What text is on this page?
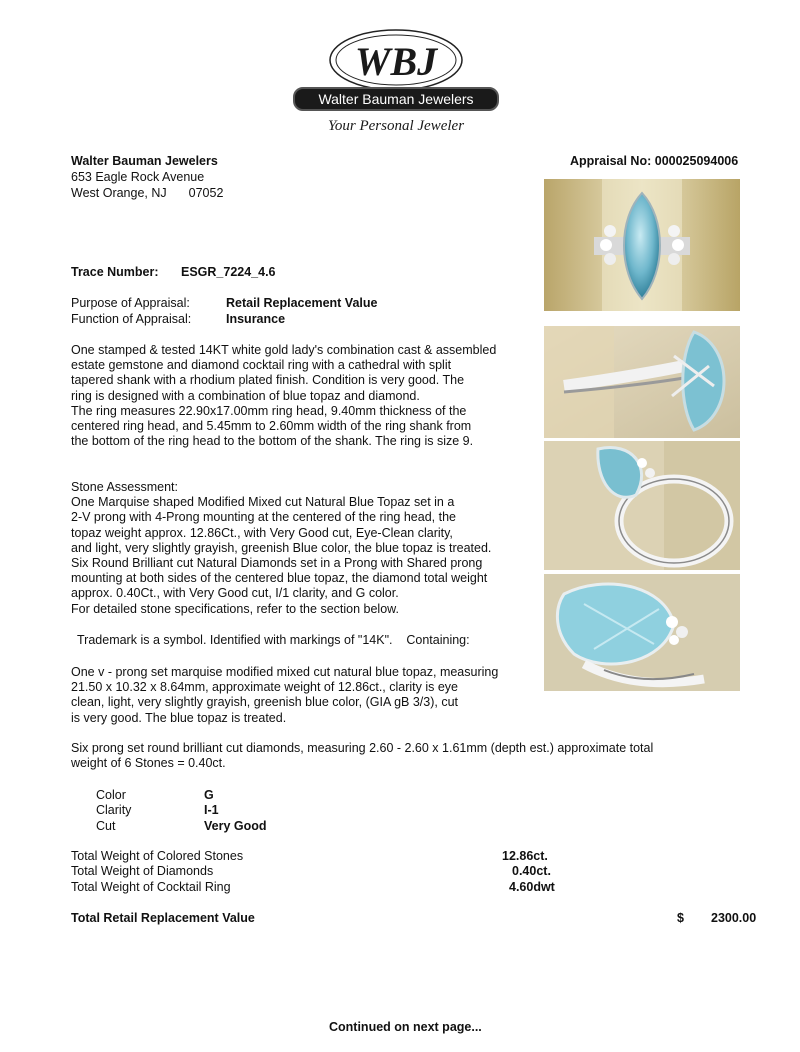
WBJ
Walter Bauman Jewelers
Your Personal Jeweler
Walter Bauman Jewelers
653 Eagle Rock Avenue
West Orange, NJ 07052
Appraisal No: 000025094006
Trace Number: ESGR_7224_4.6
Purpose of Appraisal:	Retail Replacement Value
Function of Appraisal:	Insurance
One stamped & tested 14KT white gold lady's combination cast & assembled
estate gemstone and diamond cocktail ring with a cathedral with split
tapered shank with a rhodium plated finish. Condition is very good. The
ring is designed with a combination of blue topaz and diamond.
The ring measures 22.90x17.00mm ring head, 9.40mm thickness of the
centered ring head, and 5.45mm to 2.60mm width of the ring shank from
the bottom of the ring head to the bottom of the shank. The ring is size 9.
Stone Assessment:
One Marquise shaped Modified Mixed cut Natural Blue Topaz set in a
2-V prong with 4-Prong mounting at the centered of the ring head, the
topaz weight approx. 12.86Ct., with Very Good cut, Eye-Clean clarity,
and light, very slightly grayish, greenish Blue color, the blue topaz is treated.
Six Round Brilliant cut Natural Diamonds set in a Prong with Shared prong
mounting at both sides of the centered blue topaz, the diamond total weight
approx. 0.40Ct., with Very Good cut, I/1 clarity, and G color.
For detailed stone specifications, refer to the section below.
Trademark is a symbol. Identified with markings of "14K".    Containing:
One v - prong set marquise modified mixed cut natural blue topaz, measuring
21.50 x 10.32 x 8.64mm, approximate weight of 12.86ct., clarity is eye
clean, light, very slightly grayish, greenish blue color, (GIA gB 3/3), cut
is very good. The blue topaz is treated.
Six prong set round brilliant cut diamonds, measuring 2.60 - 2.60 x 1.61mm (depth est.) approximate total
weight of 6 Stones = 0.40ct.
Color	G
Clarity	I-1
Cut	Very Good
Total Weight of Colored Stones	12.86ct.
Total Weight of Diamonds	0.40ct.
Total Weight of Cocktail Ring	4.60dwt
Total Retail Replacement Value	$ 2300.00
Continued on next page...
